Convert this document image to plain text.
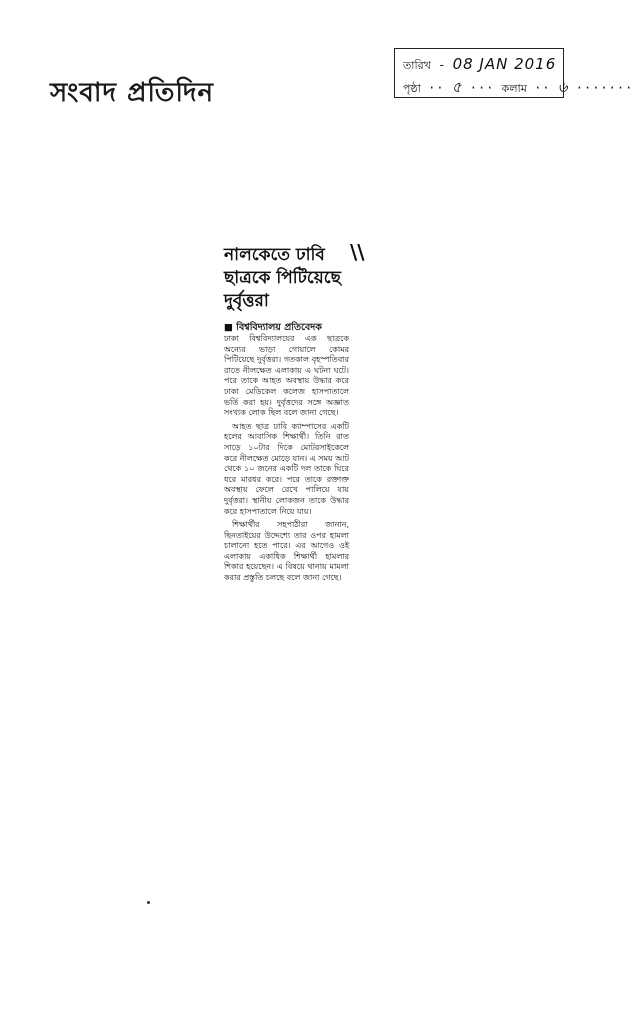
সংবাদ প্রতিদিন
তারিখ - 08 JAN 2016
পৃষ্ঠা ·· ৫ ··· কলাম ·· ৬ ·······
নালকেতে ঢাবি
ছাত্রকে পিটিয়েছে
দুর্বৃত্তরা
\\
■ বিশ্ববিদ্যালয় প্রতিবেদক

ঢাকা বিশ্ববিদ্যালয়ের এক ছাত্রকে অন্যের ভাড়া গোয়ালে কোমর পিটিয়েছে দুর্বৃত্তরা। গতকাল বৃহস্পতিবার রাতে নীলক্ষেত এলাকায় এ ঘটনা ঘটে। পরে তাকে আহত অবস্থায় উদ্ধার করে ঢাকা মেডিকেল কলেজ হাসপাতালে ভর্তি করা হয়। দুর্বৃত্তদের সঙ্গে অজ্ঞাত সংখ্যক লোক ছিল বলে জানা গেছে।

আহত ছাত্র ঢাবি ক্যাম্পাসের একটি হলের আবাসিক শিক্ষার্থী। তিনি রাত সাড়ে ১০টার দিকে মোটরসাইকেলে করে নীলক্ষেত মোড়ে যান। এ সময় আট থেকে ১০ জনের একটি দল তাকে ঘিরে ধরে মারধর করে। পরে তাকে রক্তাক্ত অবস্থায় ফেলে রেখে পালিয়ে যায় দুর্বৃত্তরা। স্থানীয় লোকজন তাকে উদ্ধার করে হাসপাতালে নিয়ে যায়।

শিক্ষার্থীর সহপাঠীরা জানান, ছিনতাইয়ের উদ্দেশ্যে তার ওপর হামলা চালানো হতে পারে। এর আগেও ওই এলাকায় একাধিক শিক্ষার্থী হামলার শিকার হয়েছেন। এ বিষয়ে থানায় মামলা করার প্রস্তুতি চলছে বলে জানা গেছে।
